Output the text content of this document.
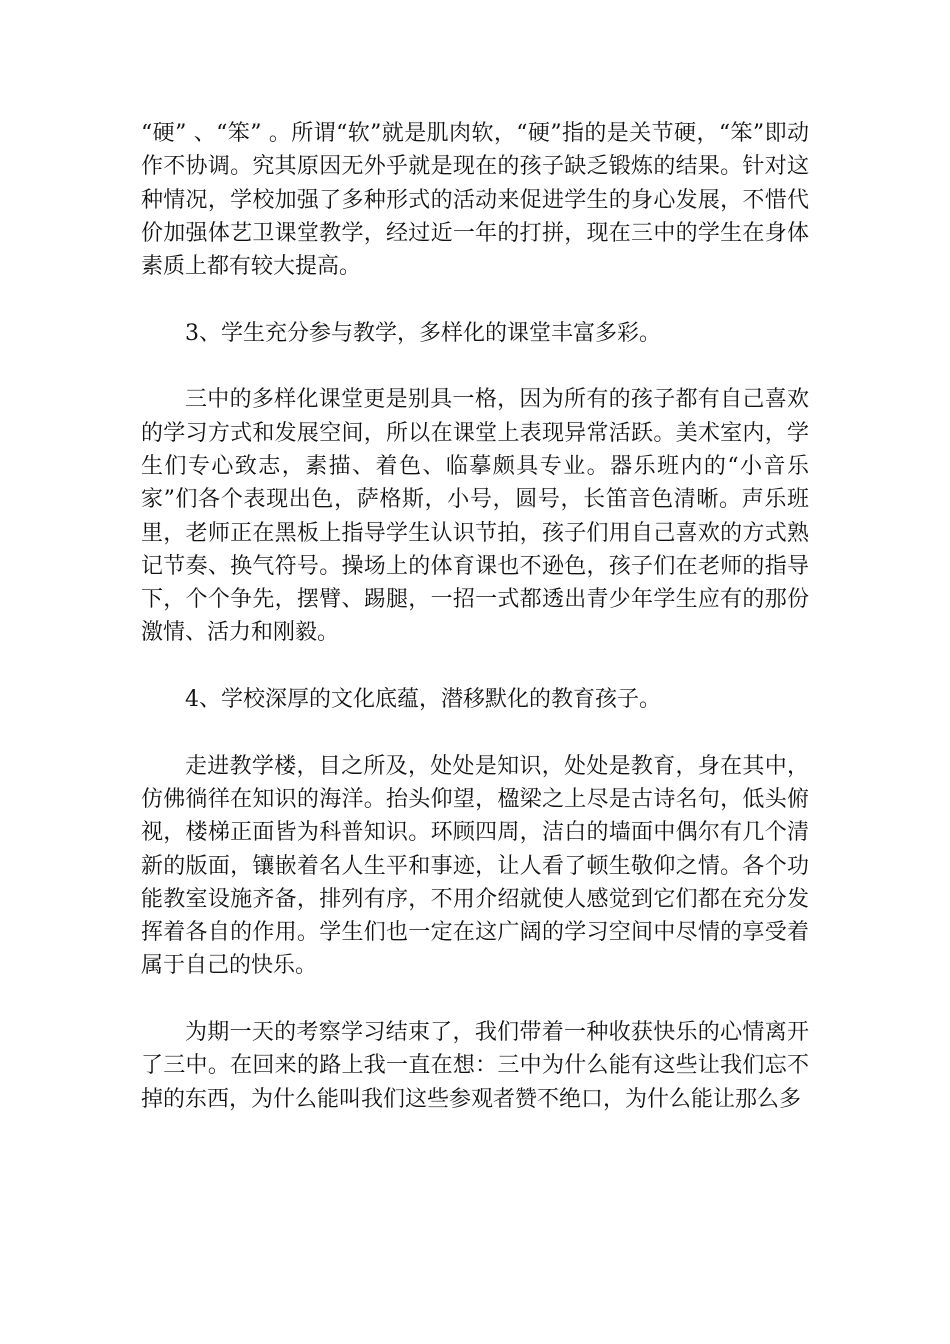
“硬” 、“笨” 。所谓“软”就是肌肉软，“硬”指的是关节硬，“笨”即动作不协调。究其原因无外乎就是现在的孩子缺乏锻炼的结果。针对这种情况，学校加强了多种形式的活动来促进学生的身心发展，不惜代价加强体艺卫课堂教学，经过近一年的打拼，现在三中的学生在身体素质上都有较大提高。

3、学生充分参与教学，多样化的课堂丰富多彩。

三中的多样化课堂更是别具一格，因为所有的孩子都有自己喜欢的学习方式和发展空间，所以在课堂上表现异常活跃。美术室内，学生们专心致志，素描、着色、临摹颇具专业。器乐班内的“小音乐家”们各个表现出色，萨格斯，小号，圆号，长笛音色清晰。声乐班里，老师正在黑板上指导学生认识节拍，孩子们用自己喜欢的方式熟记节奏、换气符号。操场上的体育课也不逊色，孩子们在老师的指导下，个个争先，摆臂、踢腿，一招一式都透出青少年学生应有的那份激情、活力和刚毅。

4、学校深厚的文化底蕴，潜移默化的教育孩子。

走进教学楼，目之所及，处处是知识，处处是教育，身在其中，仿佛徜徉在知识的海洋。抬头仰望，楹梁之上尽是古诗名句，低头俯视，楼梯正面皆为科普知识。环顾四周，洁白的墙面中偶尔有几个清新的版面，镶嵌着名人生平和事迹，让人看了顿生敬仰之情。各个功能教室设施齐备，排列有序，不用介绍就使人感觉到它们都在充分发挥着各自的作用。学生们也一定在这广阔的学习空间中尽情的享受着属于自己的快乐。

为期一天的考察学习结束了，我们带着一种收获快乐的心情离开了三中。在回来的路上我一直在想：三中为什么能有这些让我们忘不掉的东西，为什么能叫我们这些参观者赞不绝口，为什么能让那么多
